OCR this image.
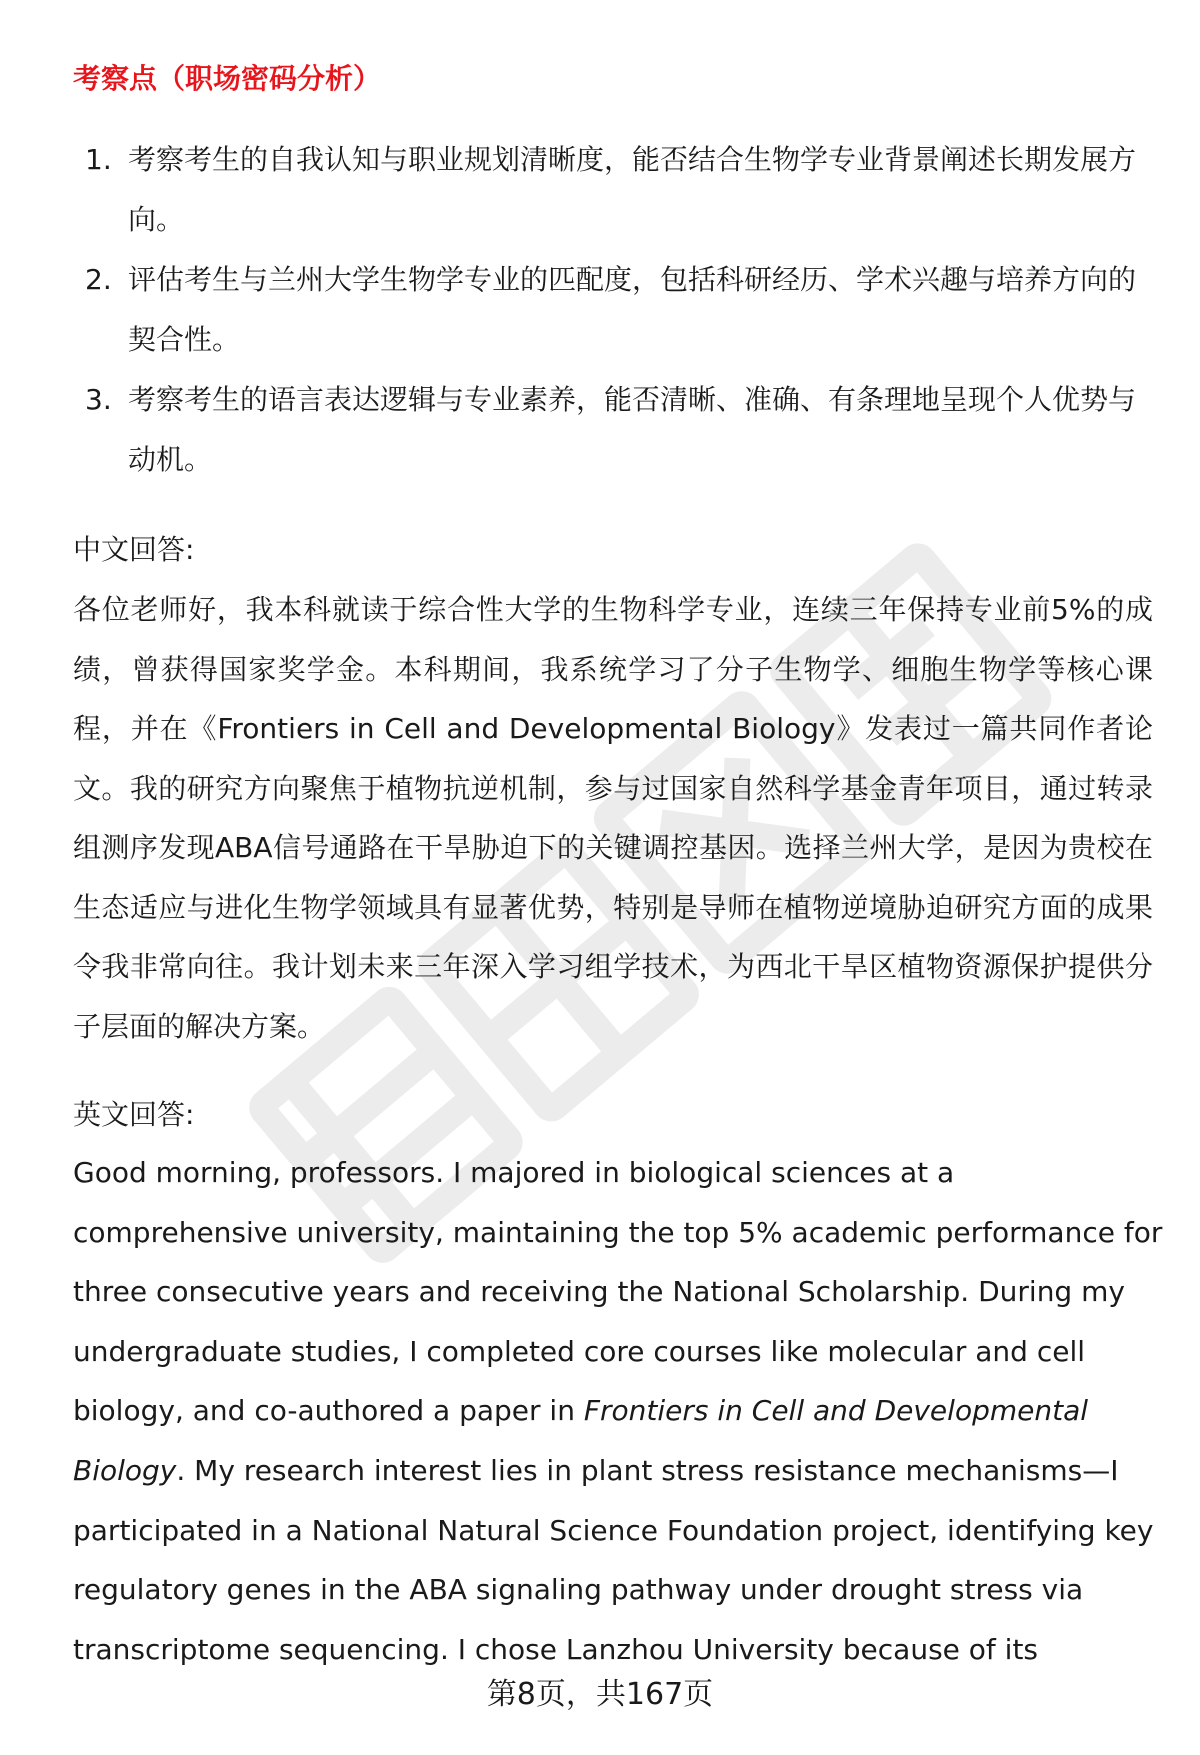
考察点（职场密码分析）
1. 考察考生的自我认知与职业规划清晰度，能否结合生物学专业背景阐述长期发展方向。
2. 评估考生与兰州大学生物学专业的匹配度，包括科研经历、学术兴趣与培养方向的契合性。
3. 考察考生的语言表达逻辑与专业素养，能否清晰、准确、有条理地呈现个人优势与动机。
中文回答:

各位老师好，我本科就读于综合性大学的生物科学专业，连续三年保持专业前5%的成绩，曾获得国家奖学金。本科期间，我系统学习了分子生物学、细胞生物学等核心课程，并在《Frontiers in Cell and Developmental Biology》发表过一篇共同作者论文。我的研究方向聚焦于植物抗逆机制，参与过国家自然科学基金青年项目，通过转录组测序发现ABA信号通路在干旱胁迫下的关键调控基因。选择兰州大学，是因为贵校在生态适应与进化生物学领域具有显著优势，特别是导师在植物逆境胁迫研究方面的成果令我非常向往。我计划未来三年深入学习组学技术，为西北干旱区植物资源保护提供分子层面的解决方案。

英文回答:

Good morning, professors. I majored in biological sciences at a comprehensive university, maintaining the top 5% academic performance for three consecutive years and receiving the National Scholarship. During my undergraduate studies, I completed core courses like molecular and cell biology, and co-authored a paper in Frontiers in Cell and Developmental Biology. My research interest lies in plant stress resistance mechanisms—I participated in a National Natural Science Foundation project, identifying key regulatory genes in the ABA signaling pathway under drought stress via transcriptome sequencing. I chose Lanzhou University because of its

第8页，共167页
